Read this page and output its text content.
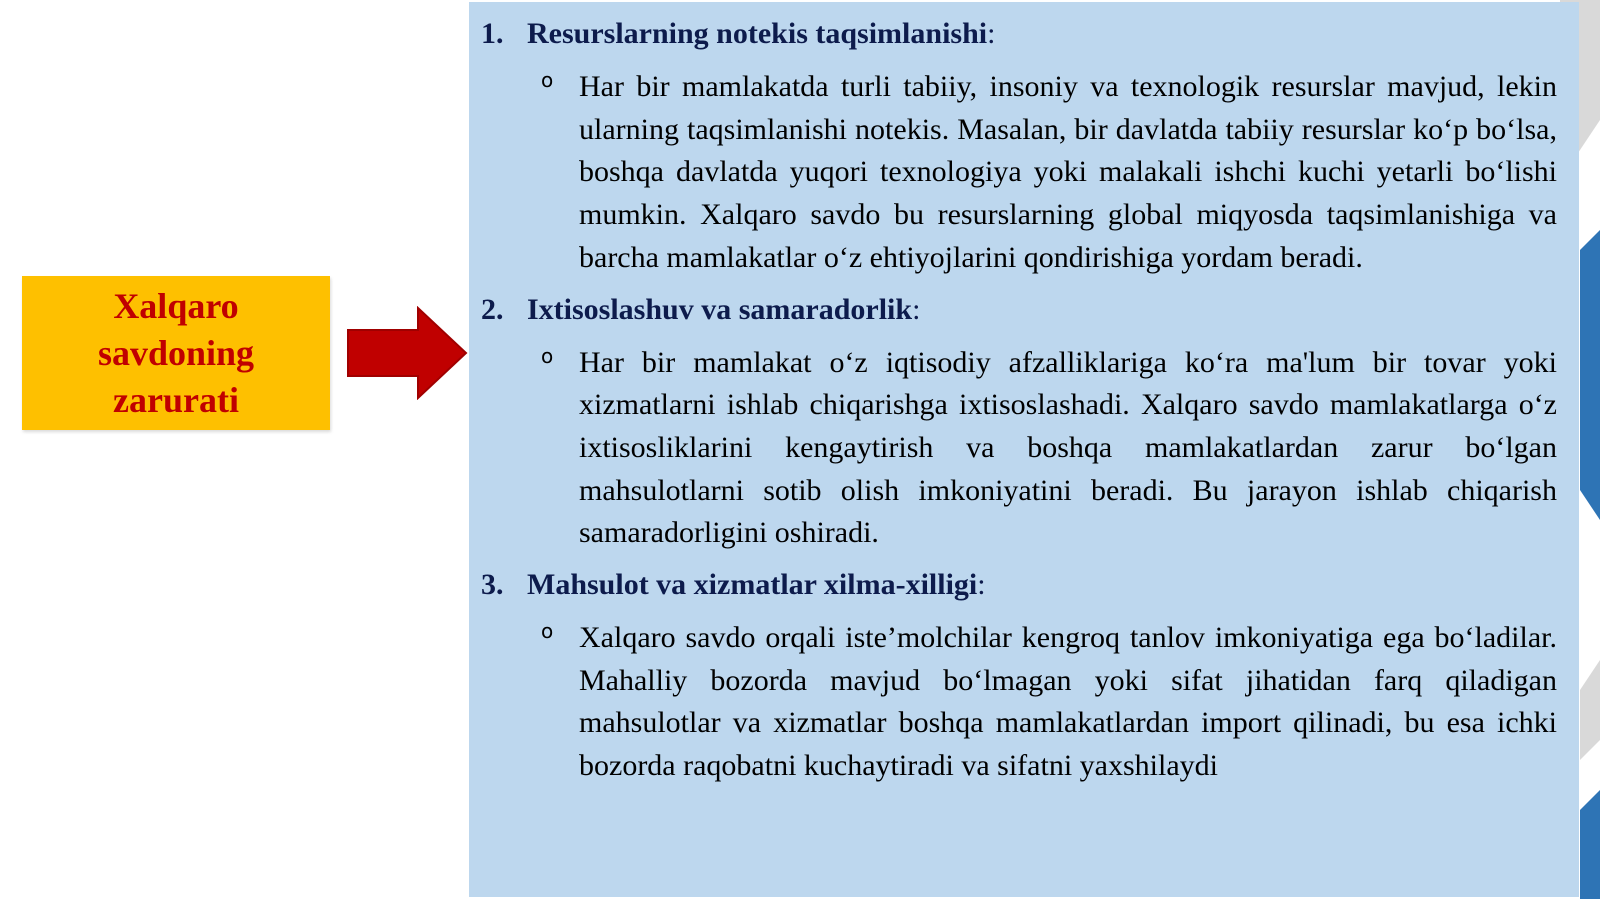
Xalqaro savdoning zarurati

1. Resurslarning notekis taqsimlanishi:
o Har bir mamlakatda turli tabiiy, insoniy va texnologik resurslar mavjud, lekin ularning taqsimlanishi notekis. Masalan, bir davlatda tabiiy resurslar ko‘p bo‘lsa, boshqa davlatda yuqori texnologiya yoki malakali ishchi kuchi yetarli bo‘lishi mumkin. Xalqaro savdo bu resurslarning global miqyosda taqsimlanishiga va barcha mamlakatlar o‘z ehtiyojlarini qondirishiga yordam beradi.

2. Ixtisoslashuv va samaradorlik:
o Har bir mamlakat o‘z iqtisodiy afzalliklariga ko‘ra ma'lum bir tovar yoki xizmatlarni ishlab chiqarishga ixtisoslashadi. Xalqaro savdo mamlakatlarga o‘z ixtisosliklarini kengaytirish va boshqa mamlakatlardan zarur bo‘lgan mahsulotlarni sotib olish imkoniyatini beradi. Bu jarayon ishlab chiqarish samaradorligini oshiradi.

3. Mahsulot va xizmatlar xilma-xilligi:
o Xalqaro savdo orqali iste’molchilar kengroq tanlov imkoniyatiga ega bo‘ladilar. Mahalliy bozorda mavjud bo‘lmagan yoki sifat jihatidan farq qiladigan mahsulotlar va xizmatlar boshqa mamlakatlardan import qilinadi, bu esa ichki bozorda raqobatni kuchaytiradi va sifatni yaxshilaydi
